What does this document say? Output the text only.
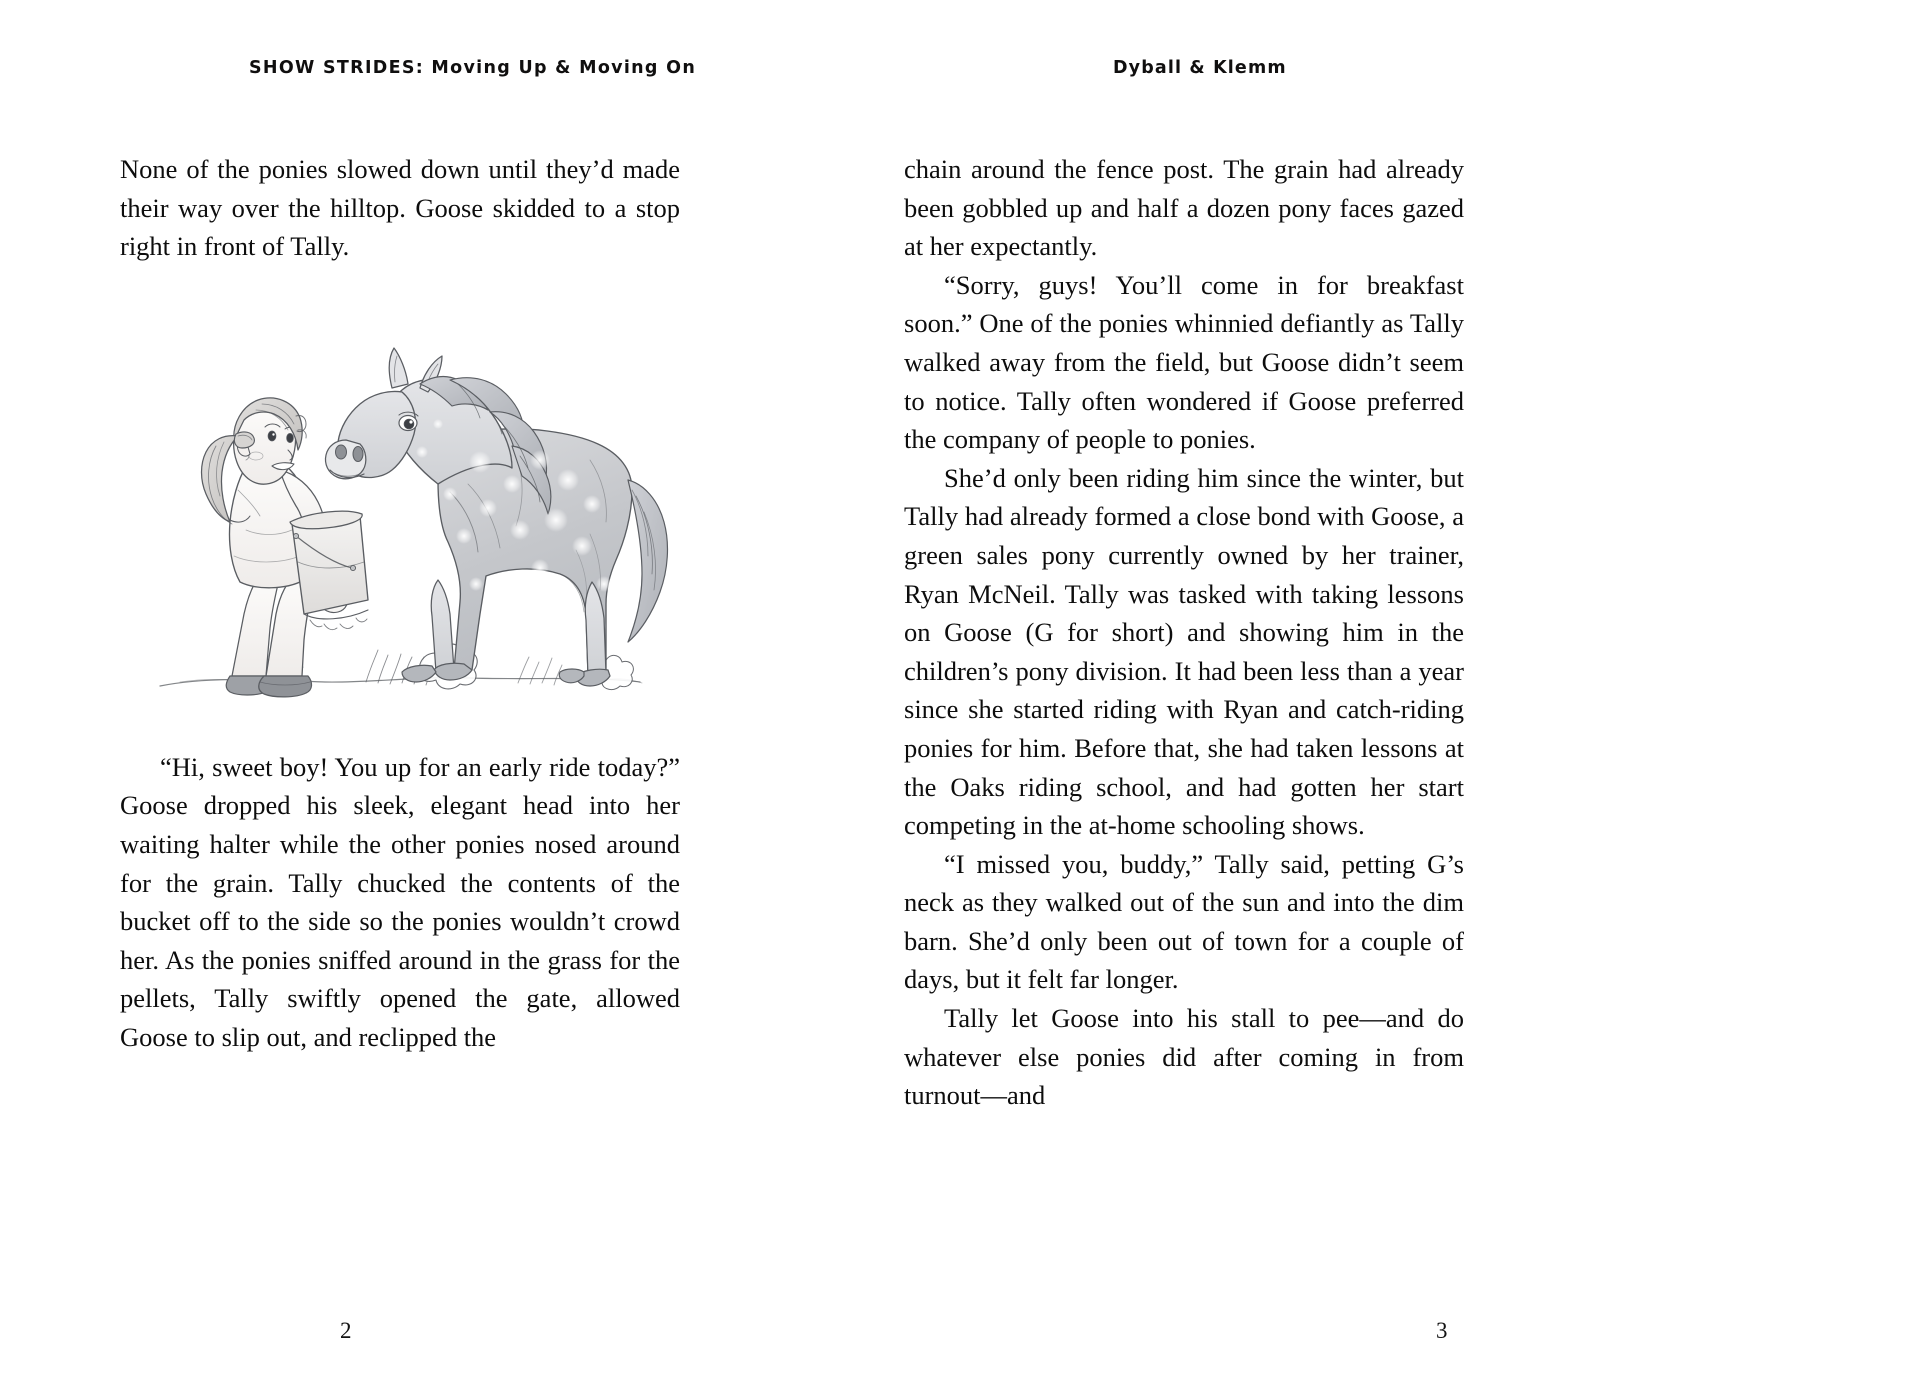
SHOW STRIDES: Moving Up & Moving On	Dyball & Klemm

None of the ponies slowed down until they’d made their way over the hilltop. Goose skidded to a stop right in front of Tally.

“Hi, sweet boy! You up for an early ride today?” Goose dropped his sleek, elegant head into her waiting halter while the other ponies nosed around for the grain. Tally chucked the contents of the bucket off to the side so the ponies wouldn’t crowd her. As the ponies sniffed around in the grass for the pellets, Tally swiftly opened the gate, allowed Goose to slip out, and reclipped the

chain around the fence post. The grain had already been gobbled up and half a dozen pony faces gazed at her expectantly.

“Sorry, guys! You’ll come in for breakfast soon.” One of the ponies whinnied defiantly as Tally walked away from the field, but Goose didn’t seem to notice. Tally often wondered if Goose preferred the company of people to ponies.

She’d only been riding him since the winter, but Tally had already formed a close bond with Goose, a green sales pony currently owned by her trainer, Ryan McNeil. Tally was tasked with taking lessons on Goose (G for short) and showing him in the children’s pony division. It had been less than a year since she started riding with Ryan and catch-riding ponies for him. Before that, she had taken lessons at the Oaks riding school, and had gotten her start competing in the at-home schooling shows.

“I missed you, buddy,” Tally said, petting G’s neck as they walked out of the sun and into the dim barn. She’d only been out of town for a couple of days, but it felt far longer.

Tally let Goose into his stall to pee—and do whatever else ponies did after coming in from turnout—and

2	3
